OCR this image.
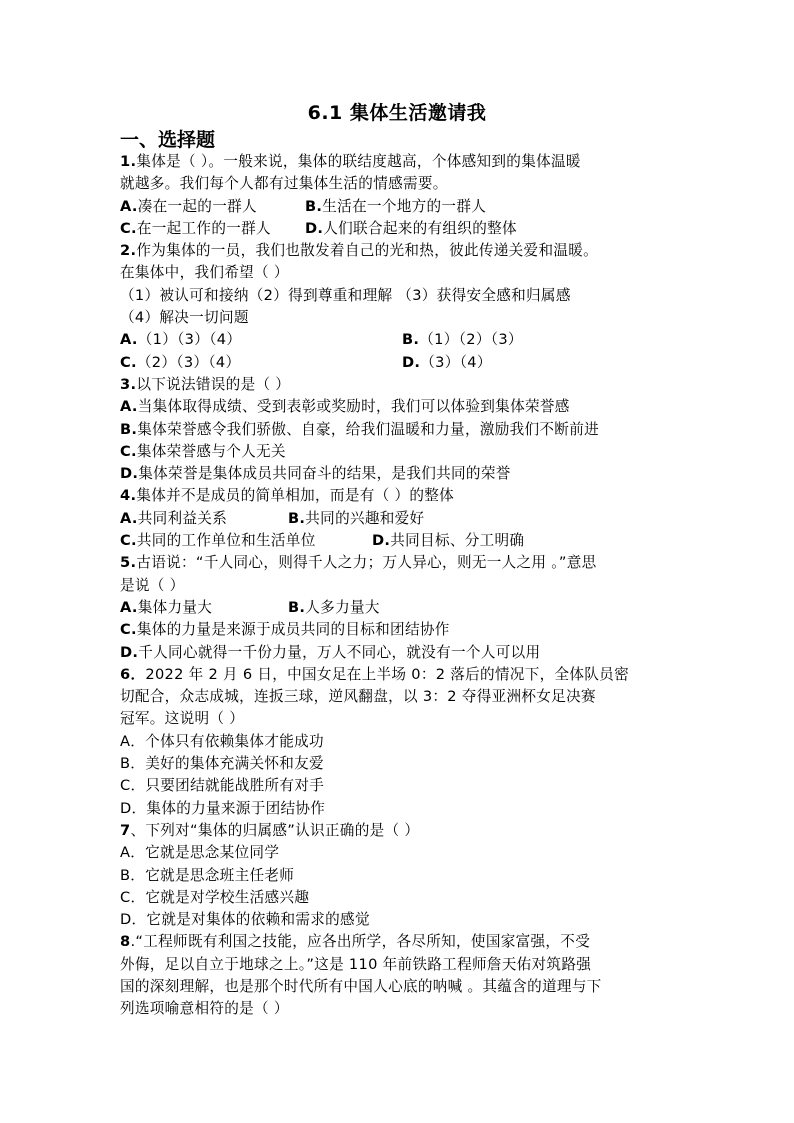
6.1 集体生活邀请我
一、选择题
1.集体是（ ）。一般来说，集体的联结度越高，个体感知到的集体温暖
就越多。我们每个人都有过集体生活的情感需要。
A.凑在一起的一群人	B.生活在一个地方的一群人
C.在一起工作的一群人	D.人们联合起来的有组织的整体
2.作为集体的一员，我们也散发着自己的光和热，彼此传递关爱和温暖。
在集体中，我们希望（ ）
（1）被认可和接纳（2）得到尊重和理解 （3）获得安全感和归属感
（4）解决一切问题
A.（1）（3）（4）	B.（1）（2）（3）
C.（2）（3）（4）	D.（3）（4）
3.以下说法错误的是（ ）
A.当集体取得成绩、受到表彰或奖励时，我们可以体验到集体荣誉感
B.集体荣誉感令我们骄傲、自豪，给我们温暖和力量，激励我们不断前进
C.集体荣誉感与个人无关
D.集体荣誉是集体成员共同奋斗的结果，是我们共同的荣誉
4.集体并不是成员的简单相加，而是有（ ）的整体
A.共同利益关系	B.共同的兴趣和爱好
C.共同的工作单位和生活单位	D.共同目标、分工明确
5.古语说：“千人同心，则得千人之力；万人异心，则无一人之用 。”意思
是说（ ）
A.集体力量大	B.人多力量大
C.集体的力量是来源于成员共同的目标和团结协作
D.千人同心就得一千份力量，万人不同心，就没有一个人可以用
6．2022 年 2 月 6 日，中国女足在上半场 0：2 落后的情况下，全体队员密
切配合，众志成城，连扳三球，逆风翻盘，以 3：2 夺得亚洲杯女足决赛
冠军。这说明（ ）
A．个体只有依赖集体才能成功
B．美好的集体充满关怀和友爱
C．只要团结就能战胜所有对手
D．集体的力量来源于团结协作
7、下列对“集体的归属感”认识正确的是（ ）
A．它就是思念某位同学
B．它就是思念班主任老师
C．它就是对学校生活感兴趣
D．它就是对集体的依赖和需求的感觉
8.“工程师既有利国之技能，应各出所学，各尽所知，使国家富强，不受
外侮，足以自立于地球之上。”这是 110 年前铁路工程师詹天佑对筑路强
国的深刻理解，也是那个时代所有中国人心底的呐喊 。其蕴含的道理与下
列选项喻意相符的是（ ）
